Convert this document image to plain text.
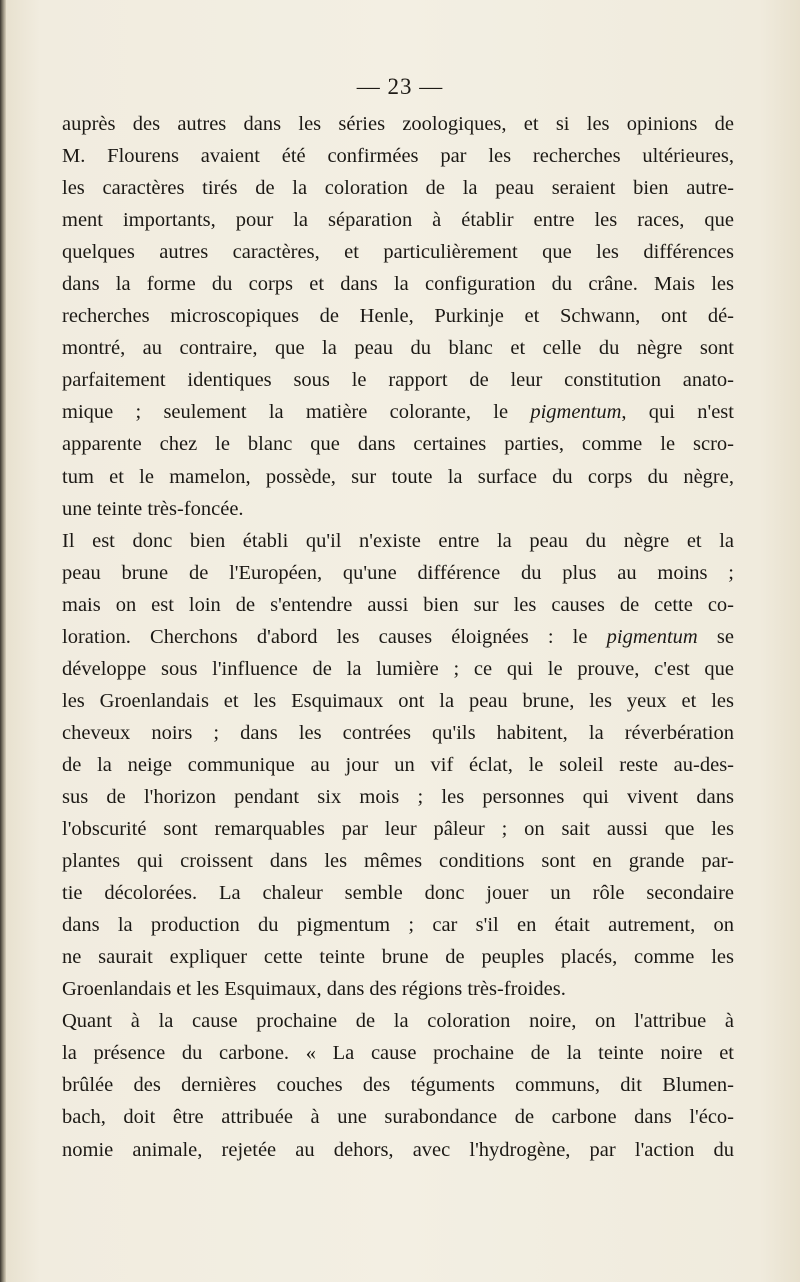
— 23 —
auprès des autres dans les séries zoologiques, et si les opinions de
M. Flourens avaient été confirmées par les recherches ultérieures,
les caractères tirés de la coloration de la peau seraient bien autre-
ment importants, pour la séparation à établir entre les races, que
quelques autres caractères, et particulièrement que les différences
dans la forme du corps et dans la configuration du crâne. Mais les
recherches microscopiques de Henle, Purkinje et Schwann, ont dé-
montré, au contraire, que la peau du blanc et celle du nègre sont
parfaitement identiques sous le rapport de leur constitution anato-
mique ; seulement la matière colorante, le pigmentum, qui n'est
apparente chez le blanc que dans certaines parties, comme le scro-
tum et le mamelon, possède, sur toute la surface du corps du nègre,
une teinte très-foncée.
Il est donc bien établi qu'il n'existe entre la peau du nègre et la
peau brune de l'Européen, qu'une différence du plus au moins ;
mais on est loin de s'entendre aussi bien sur les causes de cette co-
loration. Cherchons d'abord les causes éloignées : le pigmentum se
développe sous l'influence de la lumière ; ce qui le prouve, c'est que
les Groenlandais et les Esquimaux ont la peau brune, les yeux et les
cheveux noirs ; dans les contrées qu'ils habitent, la réverbération
de la neige communique au jour un vif éclat, le soleil reste au-des-
sus de l'horizon pendant six mois ; les personnes qui vivent dans
l'obscurité sont remarquables par leur pâleur ; on sait aussi que les
plantes qui croissent dans les mêmes conditions sont en grande par-
tie décolorées. La chaleur semble donc jouer un rôle secondaire
dans la production du pigmentum ; car s'il en était autrement, on
ne saurait expliquer cette teinte brune de peuples placés, comme les
Groenlandais et les Esquimaux, dans des régions très-froides.
Quant à la cause prochaine de la coloration noire, on l'attribue à
la présence du carbone. « La cause prochaine de la teinte noire et
brûlée des dernières couches des téguments communs, dit Blumen-
bach, doit être attribuée à une surabondance de carbone dans l'éco-
nomie animale, rejetée au dehors, avec l'hydrogène, par l'action du
